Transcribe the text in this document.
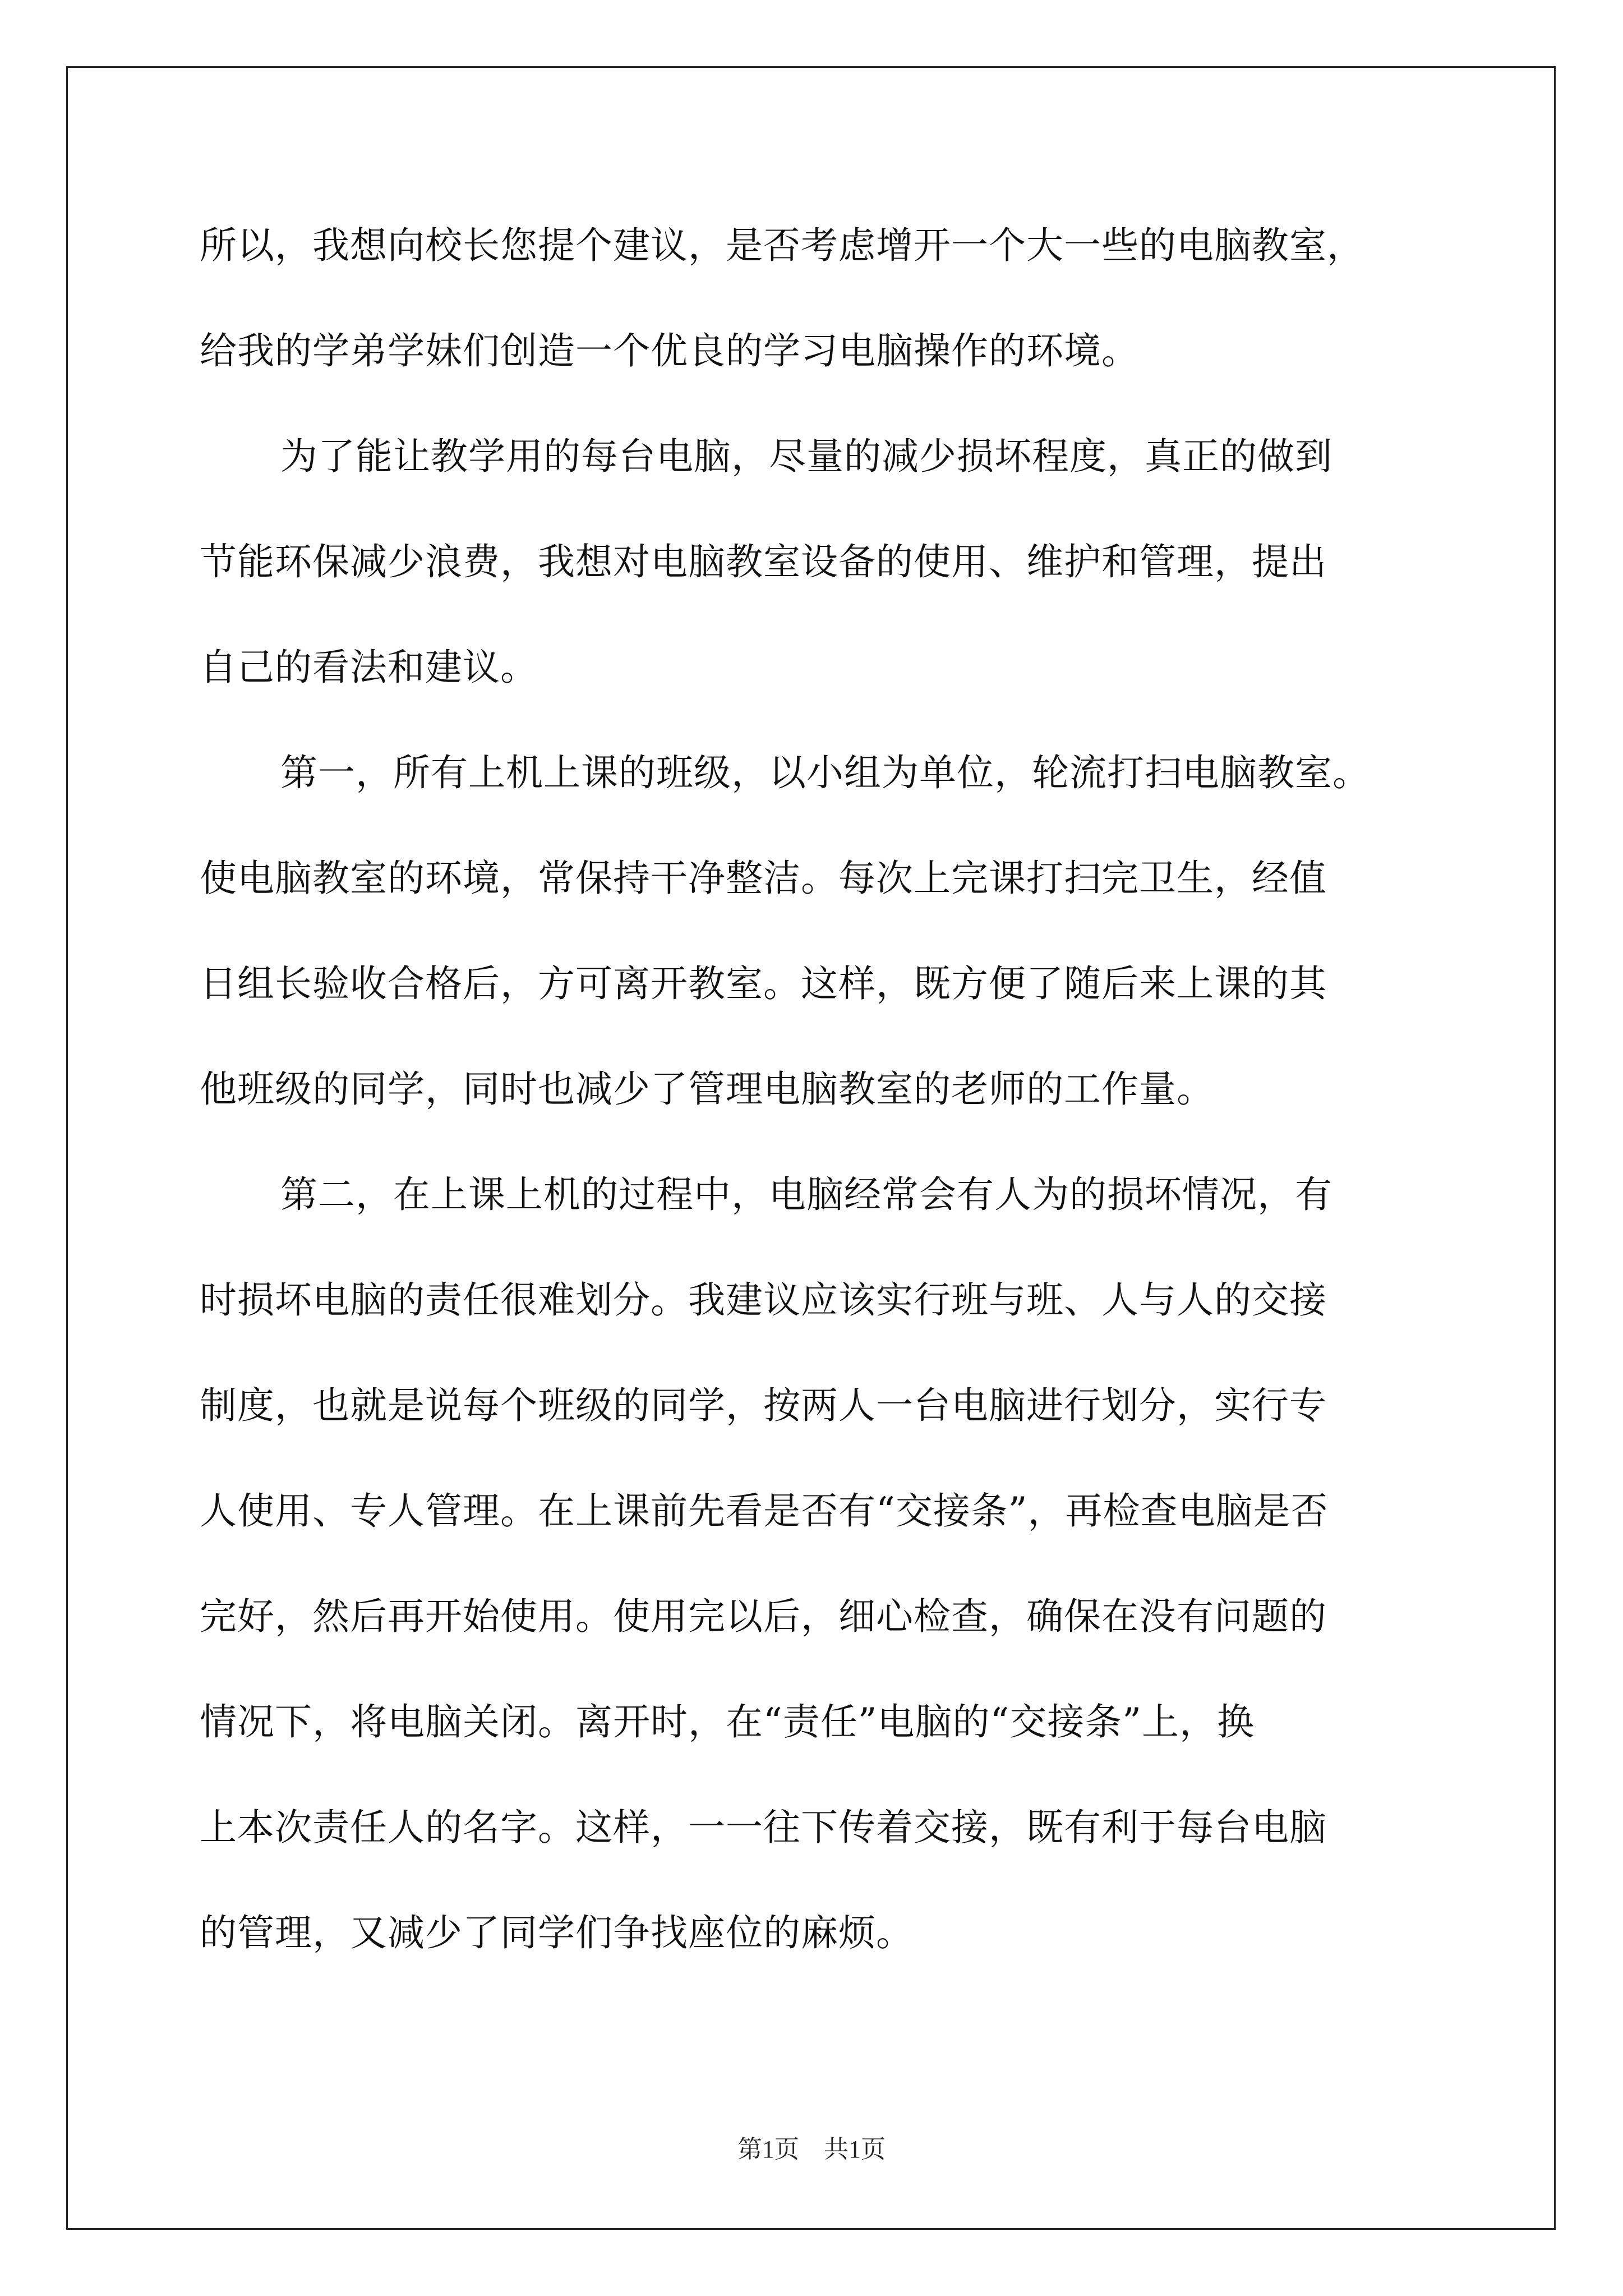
所以，我想向校长您提个建议，是否考虑增开一个大一些的电脑教室，
给我的学弟学妹们创造一个优良的学习电脑操作的环境。
为了能让教学用的每台电脑，尽量的减少损坏程度，真正的做到
节能环保减少浪费，我想对电脑教室设备的使用、维护和管理，提出
自己的看法和建议。
第一，所有上机上课的班级，以小组为单位，轮流打扫电脑教室。
使电脑教室的环境，常保持干净整洁。每次上完课打扫完卫生，经值
日组长验收合格后，方可离开教室。这样，既方便了随后来上课的其
他班级的同学，同时也减少了管理电脑教室的老师的工作量。
第二，在上课上机的过程中，电脑经常会有人为的损坏情况，有
时损坏电脑的责任很难划分。我建议应该实行班与班、人与人的交接
制度，也就是说每个班级的同学，按两人一台电脑进行划分，实行专
人使用、专人管理。在上课前先看是否有“交接条”，再检查电脑是否
完好，然后再开始使用。使用完以后，细心检查，确保在没有问题的
情况下，将电脑关闭。离开时，在“责任”电脑的“交接条”上，换
上本次责任人的名字。这样，一一往下传着交接，既有利于每台电脑
的管理，又减少了同学们争找座位的麻烦。
第1页 共1页
